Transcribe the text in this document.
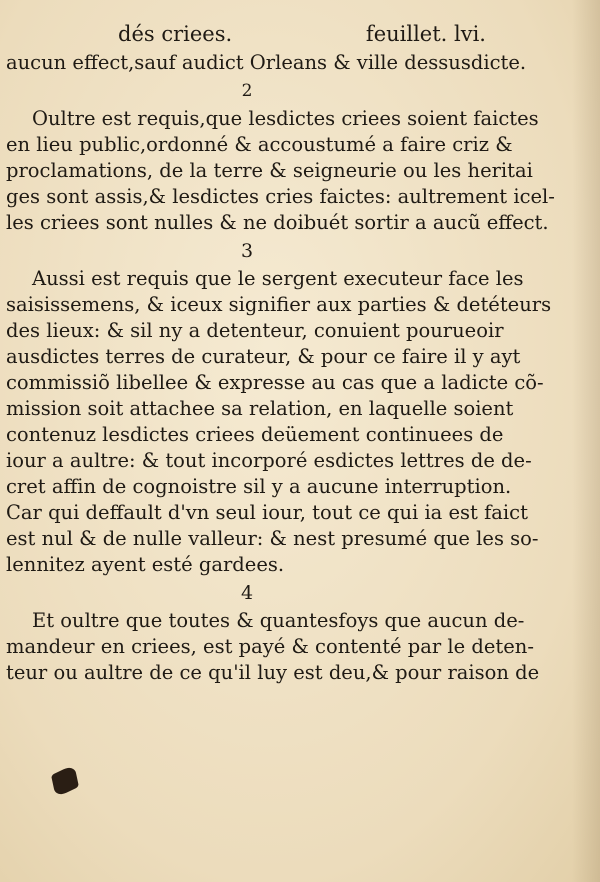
dés criees.	feuillet. lvi.
aucun effect,sauf audict Orleans & ville dessusdicte.
2
Oultre est requis,que lesdictes criees soient faictes
en lieu public,ordonné & accoustumé a faire criz &
proclamations, de la terre & seigneurie ou les heritai
ges sont assis,& lesdictes cries faictes: aultrement icel-
les criees sont nulles & ne doibuét sortir a aucũ effect.
3
Aussi est requis que le sergent executeur face les
saisissemens, & iceux signifier aux parties & detéteurs
des lieux: & sil ny a detenteur, conuient pourueoir
ausdictes terres de curateur, & pour ce faire il y ayt
commissiõ libellee & expresse au cas que a ladicte cõ-
mission soit attachee sa relation, en laquelle soient
contenuz lesdictes criees deüement continuees de
iour a aultre: & tout incorporé esdictes lettres de de-
cret affin de cognoistre sil y a aucune interruption.
Car qui deffault d'vn seul iour, tout ce qui ia est faict
est nul & de nulle valleur: & nest presumé que les so-
lennitez ayent esté gardees.
4
Et oultre que toutes & quantesfoys que aucun de-
mandeur en criees, est payé & contenté par le deten-
teur ou aultre de ce qu'il luy est deu,& pour raison de
